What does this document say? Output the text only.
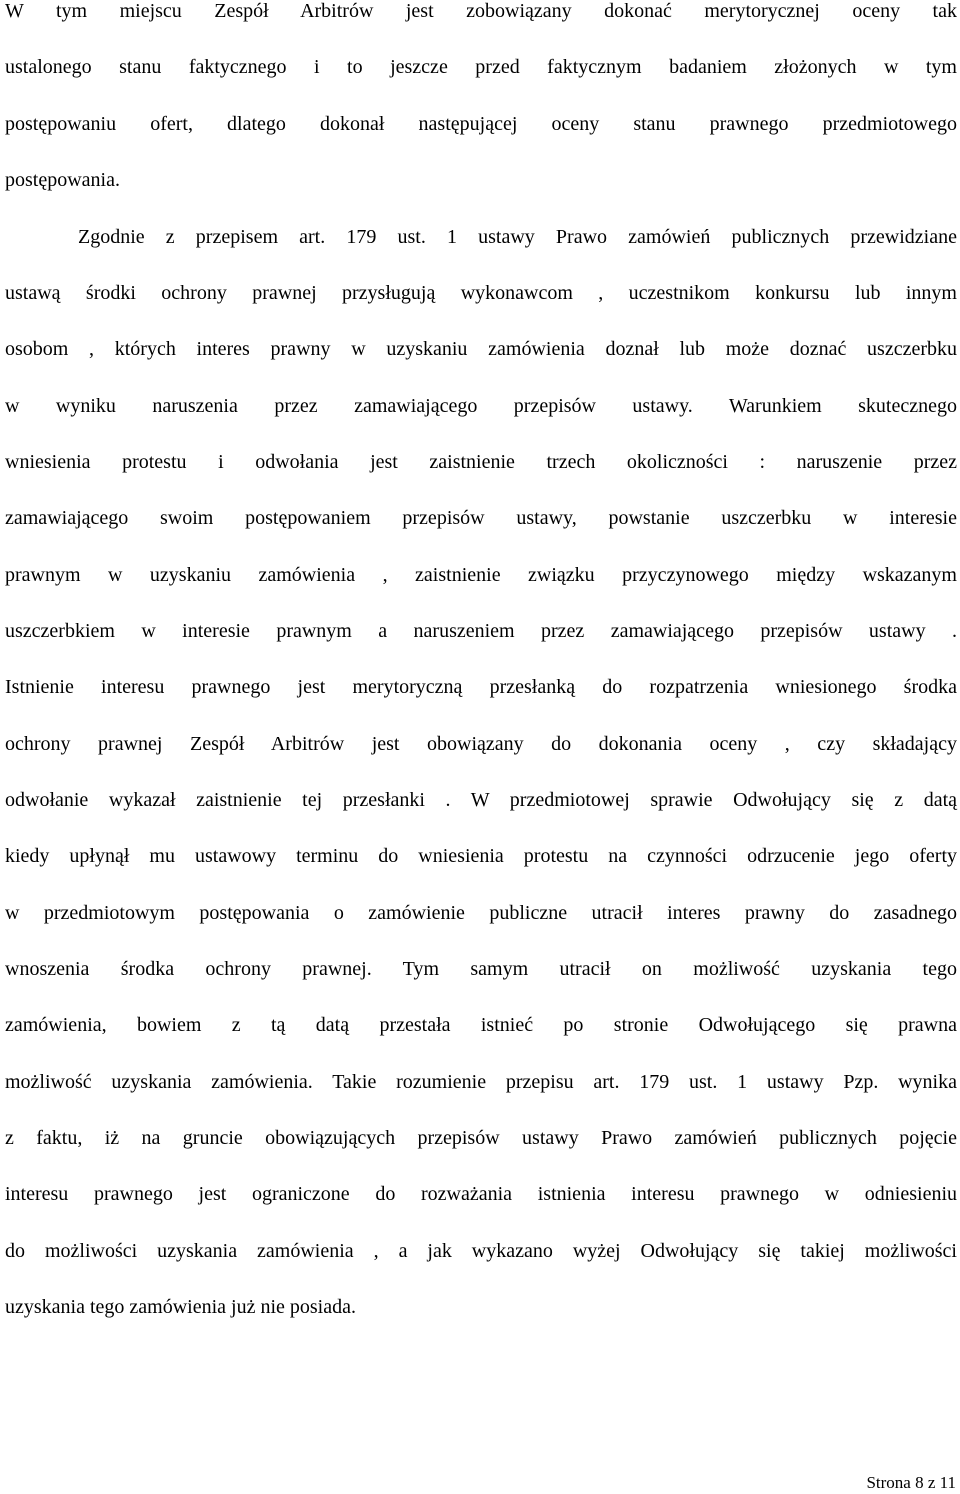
W tym miejscu Zespół Arbitrów jest zobowiązany dokonać merytorycznej oceny tak
ustalonego stanu faktycznego i to jeszcze przed faktycznym badaniem złożonych w tym
postępowaniu ofert, dlatego dokonał następującej oceny stanu prawnego przedmiotowego
postępowania.
Zgodnie z przepisem art. 179 ust. 1 ustawy Prawo zamówień publicznych przewidziane
ustawą środki ochrony prawnej przysługują wykonawcom , uczestnikom konkursu lub innym
osobom , których interes prawny w uzyskaniu zamówienia doznał lub może doznać uszczerbku
w wyniku naruszenia przez zamawiającego przepisów ustawy. Warunkiem skutecznego
wniesienia protestu i odwołania jest zaistnienie trzech okoliczności : naruszenie przez
zamawiającego swoim postępowaniem przepisów ustawy, powstanie uszczerbku w interesie
prawnym w uzyskaniu zamówienia , zaistnienie związku przyczynowego między wskazanym
uszczerbkiem w interesie prawnym a naruszeniem przez zamawiającego przepisów ustawy .
Istnienie interesu prawnego jest merytoryczną przesłanką do rozpatrzenia wniesionego środka
ochrony prawnej Zespół Arbitrów jest obowiązany do dokonania oceny , czy składający
odwołanie wykazał zaistnienie tej przesłanki . W przedmiotowej sprawie Odwołujący się z datą
kiedy upłynął mu ustawowy terminu do wniesienia protestu na czynności odrzucenie jego oferty
w przedmiotowym postępowania o zamówienie publiczne utracił interes prawny do zasadnego
wnoszenia środka ochrony prawnej. Tym samym utracił on możliwość uzyskania tego
zamówienia, bowiem z tą datą przestała istnieć po stronie Odwołującego się prawna
możliwość uzyskania zamówienia. Takie rozumienie przepisu art. 179 ust. 1 ustawy Pzp. wynika
z faktu, iż na gruncie obowiązujących przepisów ustawy Prawo zamówień publicznych pojęcie
interesu prawnego jest ograniczone do rozważania istnienia interesu prawnego w odniesieniu
do możliwości uzyskania zamówienia , a jak wykazano wyżej Odwołujący się takiej możliwości
uzyskania tego zamówienia już nie posiada.
Strona 8 z 11
